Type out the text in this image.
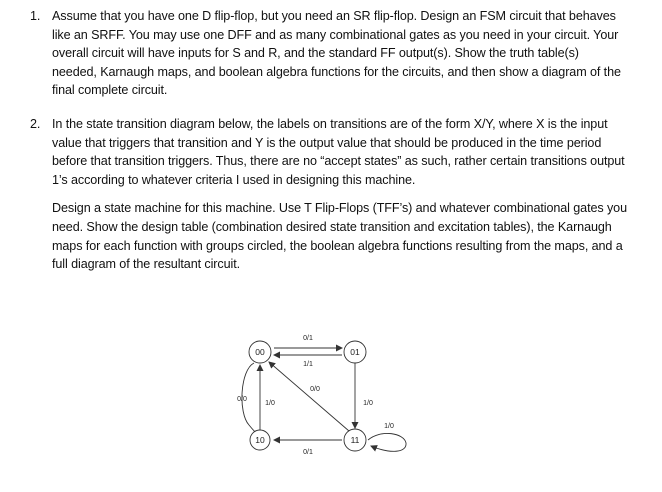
1. Assume that you have one D flip-flop, but you need an SR flip-flop. Design an FSM circuit that behaves like an SRFF. You may use one DFF and as many combinational gates as you need in your circuit. Your overall circuit will have inputs for S and R, and the standard FF output(s). Show the truth table(s) needed, Karnaugh maps, and boolean algebra functions for the circuits, and then show a diagram of the final complete circuit.

2. In the state transition diagram below, the labels on transitions are of the form X/Y, where X is the input value that triggers that transition and Y is the output value that should be produced in the time period before that transition triggers. Thus, there are no “accept states” as such, rather certain transitions output 1’s according to whatever criteria I used in designing this machine.

Design a state machine for this machine. Use T Flip-Flops (TFF’s) and whatever combinational gates you need. Show the design table (combination desired state transition and excitation tables), the Karnaugh maps for each function with groups circled, the boolean algebra functions resulting from the maps, and a full diagram of the resultant circuit.

00	01
10	11
0/1
1/1
0/0
0/0
1/0	1/0
1/0
0/1
